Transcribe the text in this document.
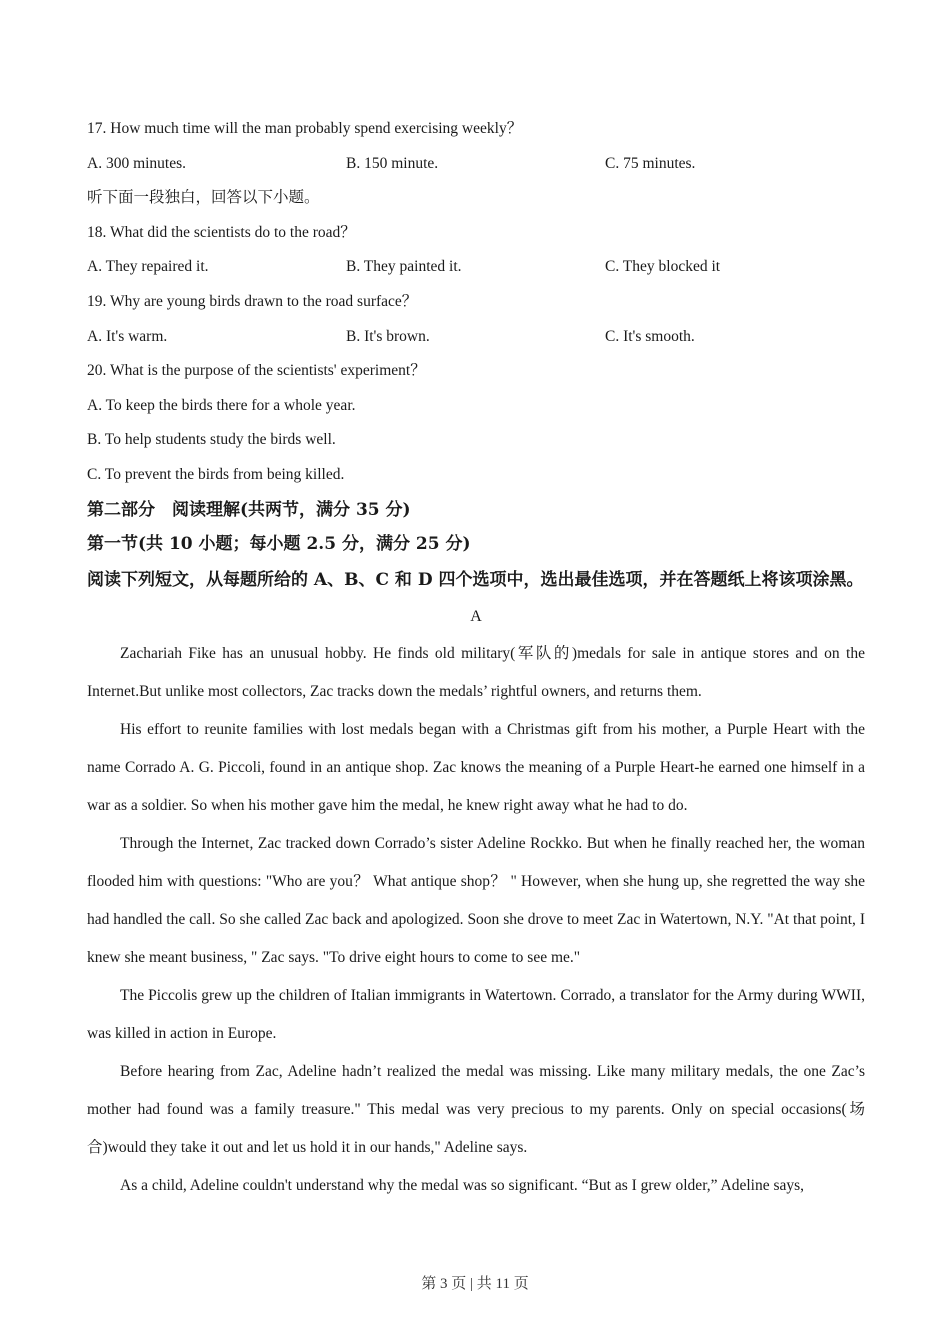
17. How much time will the man probably spend exercising weekly？
A. 300 minutes.	B. 150 minute.	C. 75 minutes.
听下面一段独白，回答以下小题。
18. What did the scientists do to the road？
A. They repaired it.	B. They painted it.	C. They blocked it
19. Why are young birds drawn to the road surface？
A. It's warm.	B. It's brown.	C. It's smooth.
20. What is the purpose of the scientists' experiment？
A. To keep the birds there for a whole year.
B. To help students study the birds well.
C. To prevent the birds from being killed.
第二部分　阅读理解(共两节，满分 35 分)
第一节(共 10 小题；每小题 2.5 分，满分 25 分)
阅读下列短文，从每题所给的 A、B、C 和 D 四个选项中，选出最佳选项，并在答题纸上将该项涂黑。
A

Zachariah Fike has an unusual hobby. He finds old military(军队的)medals for sale in antique stores and on the Internet.But unlike most collectors, Zac tracks down the medals’ rightful owners, and returns them.

His effort to reunite families with lost medals began with a Christmas gift from his mother, a Purple Heart with the name Corrado A. G. Piccoli, found in an antique shop. Zac knows the meaning of a Purple Heart-he earned one himself in a war as a soldier. So when his mother gave him the medal, he knew right away what he had to do.

Through the Internet, Zac tracked down Corrado’s sister Adeline Rockko. But when he finally reached her, the woman flooded him with questions: "Who are you？ What antique shop？ " However, when she hung up, she regretted the way she had handled the call. So she called Zac back and apologized. Soon she drove to meet Zac in Watertown, N.Y. "At that point, I knew she meant business, " Zac says. "To drive eight hours to come to see me."

The Piccolis grew up the children of Italian immigrants in Watertown. Corrado, a translator for the Army during WWII, was killed in action in Europe.

Before hearing from Zac, Adeline hadn’t realized the medal was missing. Like many military medals, the one Zac’s mother had found was a family treasure." This medal was very precious to my parents. Only on special occasions(场合)would they take it out and let us hold it in our hands," Adeline says.

As a child, Adeline couldn't understand why the medal was so significant. “But as I grew older,” Adeline says,

第 3 页 | 共 11 页
